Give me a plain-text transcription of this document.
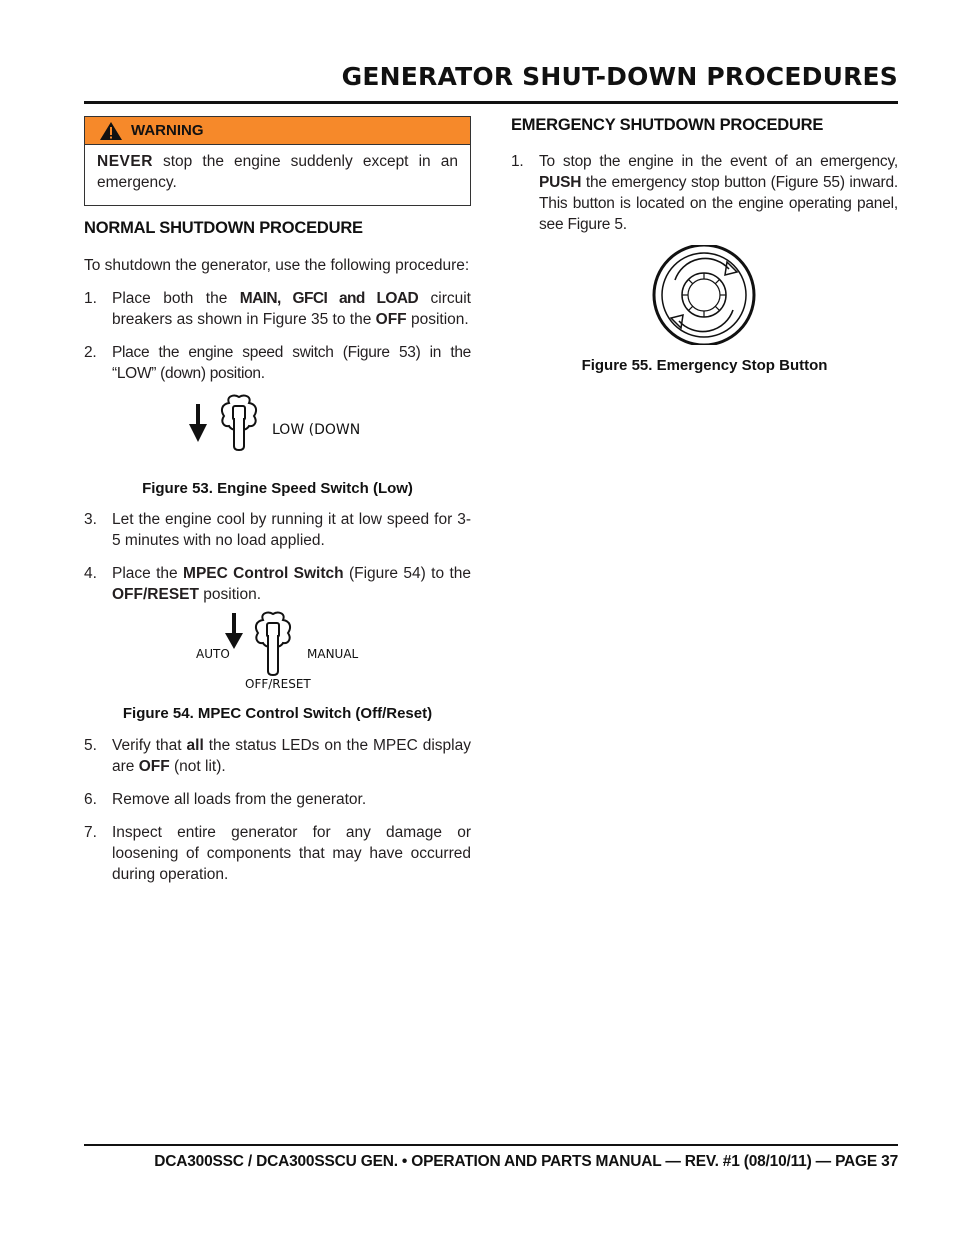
GENERATOR SHUT-DOWN PROCEDURES
WARNING
NEVER stop the engine suddenly except in an emergency.
NORMAL SHUTDOWN PROCEDURE

To shutdown the generator, use the following procedure:

1. Place both the MAIN, GFCI and LOAD circuit breakers as shown in Figure 35 to the OFF position.
2. Place the engine speed switch (Figure 53) in the “LOW” (down) position.
LOW (DOWN
Figure 53. Engine Speed Switch (Low)
3. Let the engine cool by running it at low speed for 3-5 minutes with no load applied.
4. Place the MPEC Control Switch (Figure 54) to the OFF/RESET position.
AUTO	MANUAL
OFF/RESET
Figure 54. MPEC Control Switch (Off/Reset)
5. Verify that all the status LEDs on the MPEC display are OFF (not lit).
6. Remove all loads from the generator.
7. Inspect entire generator for any damage or loosening of components that may have occurred during operation.
EMERGENCY SHUTDOWN PROCEDURE
1. To stop the engine in the event of an emergency, PUSH the emergency stop button (Figure 55) inward. This button is located on the engine operating panel, see Figure 5.
Figure 55. Emergency Stop Button
DCA300SSC / DCA300SSCU GEN. • OPERATION AND PARTS MANUAL — REV. #1 (08/10/11) — PAGE 37
